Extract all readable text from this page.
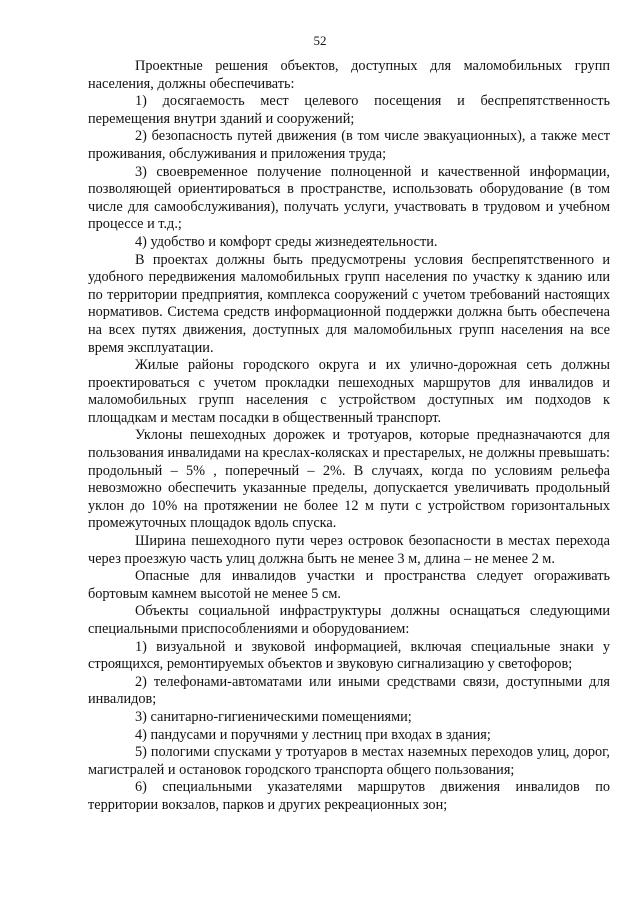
52

Проектные решения объектов, доступных для маломобильных групп населения, должны обеспечивать:

1) досягаемость мест целевого посещения и беспрепятственность перемещения внутри зданий и сооружений;

2) безопасность путей движения (в том числе эвакуационных), а также мест проживания, обслуживания и приложения труда;

3) своевременное получение полноценной и качественной информации, позволяющей ориентироваться в пространстве, использовать оборудование (в том числе для самообслуживания), получать услуги, участвовать в трудовом и учебном процессе и т.д.;

4) удобство и комфорт среды жизнедеятельности.

В проектах должны быть предусмотрены условия беспрепятственного и удобного передвижения маломобильных групп населения по участку к зданию или по территории предприятия, комплекса сооружений с учетом требований настоящих нормативов. Система средств информационной поддержки должна быть обеспечена на всех путях движения, доступных для маломобильных групп населения на все время эксплуатации.

Жилые районы городского округа и их улично-дорожная сеть должны проектироваться с учетом прокладки пешеходных маршрутов для инвалидов и маломобильных групп населения с устройством доступных им подходов к площадкам и местам посадки в общественный транспорт.

Уклоны пешеходных дорожек и тротуаров, которые предназначаются для пользования инвалидами на креслах-колясках и престарелых, не должны превышать: продольный – 5% , поперечный – 2%. В случаях, когда по условиям рельефа невозможно обеспечить указанные пределы, допускается увеличивать продольный уклон до 10% на протяжении не более 12 м пути с устройством горизонтальных промежуточных площадок вдоль спуска.

Ширина пешеходного пути через островок безопасности в местах перехода через проезжую часть улиц должна быть не менее 3 м, длина – не менее 2 м.

Опасные для инвалидов участки и пространства следует огораживать бортовым камнем высотой не менее 5 см.

Объекты социальной инфраструктуры должны оснащаться следующими специальными приспособлениями и оборудованием:

1) визуальной и звуковой информацией, включая специальные знаки у строящихся, ремонтируемых объектов и звуковую сигнализацию у светофоров;

2) телефонами-автоматами или иными средствами связи, доступными для инвалидов;

3) санитарно-гигиеническими помещениями;

4) пандусами и поручнями у лестниц при входах в здания;

5) пологими спусками у тротуаров в местах наземных переходов улиц, дорог, магистралей и остановок городского транспорта общего пользования;

6) специальными указателями маршрутов движения инвалидов по территории вокзалов, парков и других рекреационных зон;
